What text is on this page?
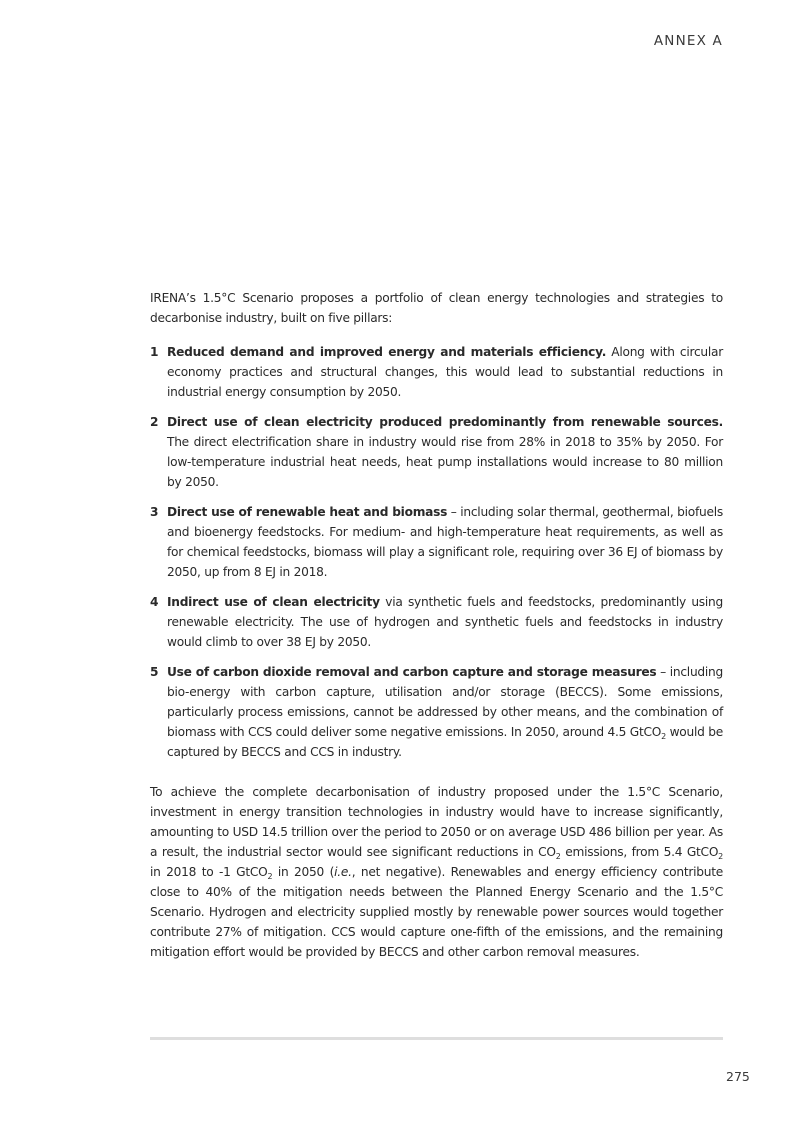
ANNEX A

IRENA’s 1.5°C Scenario proposes a portfolio of clean energy technologies and strategies to decarbonise industry, built on five pillars:

1 Reduced demand and improved energy and materials efficiency. Along with circular economy practices and structural changes, this would lead to substantial reductions in industrial energy consumption by 2050.
2 Direct use of clean electricity produced predominantly from renewable sources. The direct electrification share in industry would rise from 28% in 2018 to 35% by 2050. For low-temperature industrial heat needs, heat pump installations would increase to 80 million by 2050.
3 Direct use of renewable heat and biomass – including solar thermal, geothermal, biofuels and bioenergy feedstocks. For medium- and high-temperature heat requirements, as well as for chemical feedstocks, biomass will play a significant role, requiring over 36 EJ of biomass by 2050, up from 8 EJ in 2018.
4 Indirect use of clean electricity via synthetic fuels and feedstocks, predominantly using renewable electricity. The use of hydrogen and synthetic fuels and feedstocks in industry would climb to over 38 EJ by 2050.
5 Use of carbon dioxide removal and carbon capture and storage measures – including bio-energy with carbon capture, utilisation and/or storage (BECCS). Some emissions, particularly process emissions, cannot be addressed by other means, and the combination of biomass with CCS could deliver some negative emissions. In 2050, around 4.5 GtCO$_2$ would be captured by BECCS and CCS in industry.

To achieve the complete decarbonisation of industry proposed under the 1.5°C Scenario, investment in energy transition technologies in industry would have to increase significantly, amounting to USD 14.5 trillion over the period to 2050 or on average USD 486 billion per year. As a result, the industrial sector would see significant reductions in $CO_2$ emissions, from 5.4 GtCO$_2$ in 2018 to -1 GtCO$_2$ in 2050 (i.e., net negative). Renewables and energy efficiency contribute close to 40% of the mitigation needs between the Planned Energy Scenario and the 1.5°C Scenario. Hydrogen and electricity supplied mostly by renewable power sources would together contribute 27% of mitigation. CCS would capture one-fifth of the emissions, and the remaining mitigation effort would be provided by BECCS and other carbon removal measures.

275
